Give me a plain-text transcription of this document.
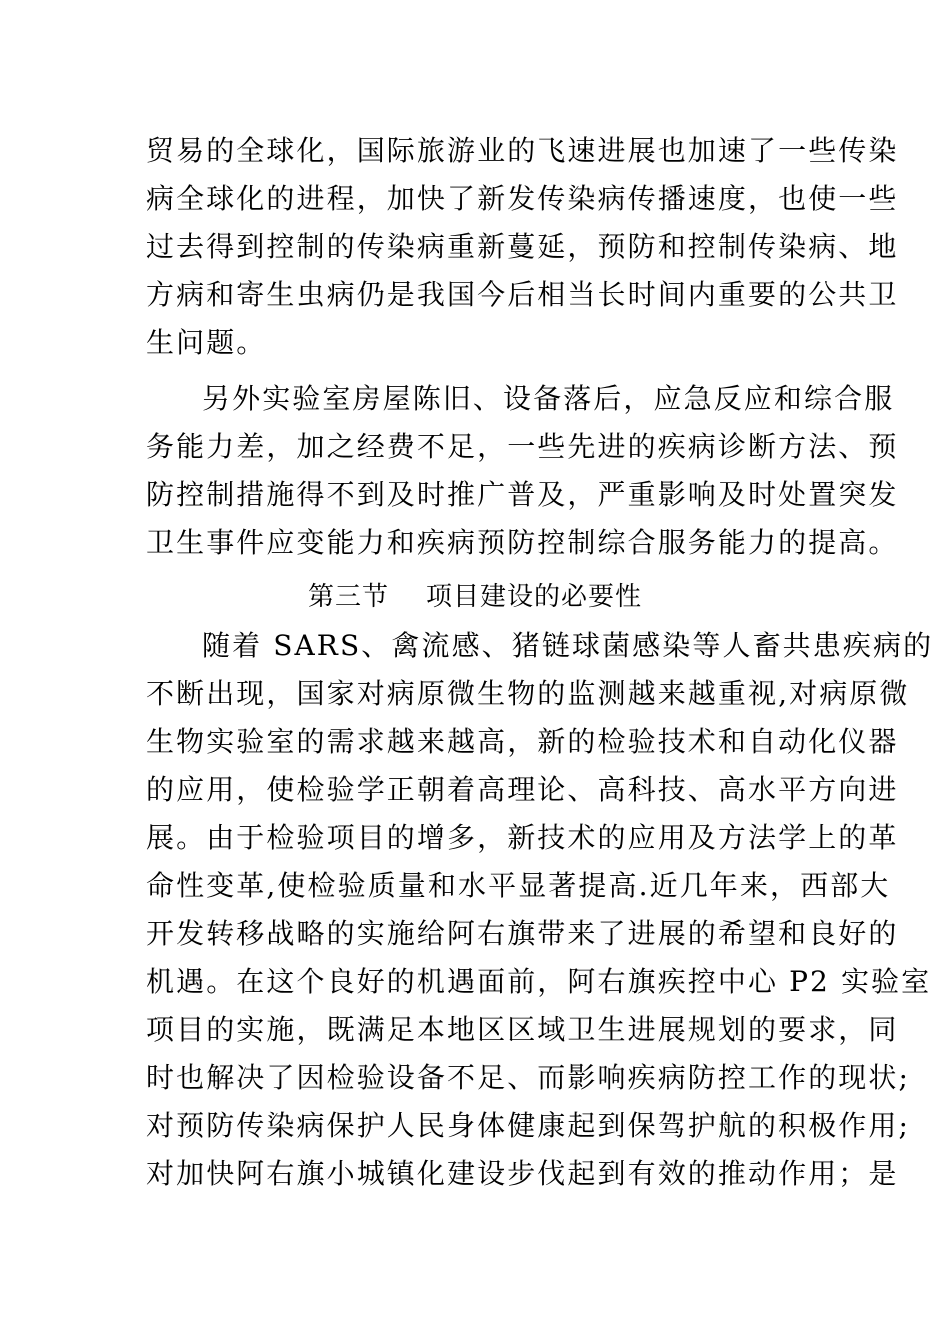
贸易的全球化，国际旅游业的飞速进展也加速了一些传染
病全球化的进程，加快了新发传染病传播速度，也使一些
过去得到控制的传染病重新蔓延，预防和控制传染病、地
方病和寄生虫病仍是我国今后相当长时间内重要的公共卫
生问题。
另外实验室房屋陈旧、设备落后，应急反应和综合服
务能力差，加之经费不足，一些先进的疾病诊断方法、预
防控制措施得不到及时推广普及，严重影响及时处置突发
卫生事件应变能力和疾病预防控制综合服务能力的提高。
第三节 项目建设的必要性
随着 SARS、禽流感、猪链球菌感染等人畜共患疾病的
不断出现，国家对病原微生物的监测越来越重视,对病原微
生物实验室的需求越来越高，新的检验技术和自动化仪器
的应用，使检验学正朝着高理论、高科技、高水平方向进
展。由于检验项目的增多，新技术的应用及方法学上的革
命性变革,使检验质量和水平显著提高.近几年来，西部大
开发转移战略的实施给阿右旗带来了进展的希望和良好的
机遇。在这个良好的机遇面前，阿右旗疾控中心 P2 实验室
项目的实施，既满足本地区区域卫生进展规划的要求，同
时也解决了因检验设备不足、而影响疾病防控工作的现状;
对预防传染病保护人民身体健康起到保驾护航的积极作用;
对加快阿右旗小城镇化建设步伐起到有效的推动作用；是
